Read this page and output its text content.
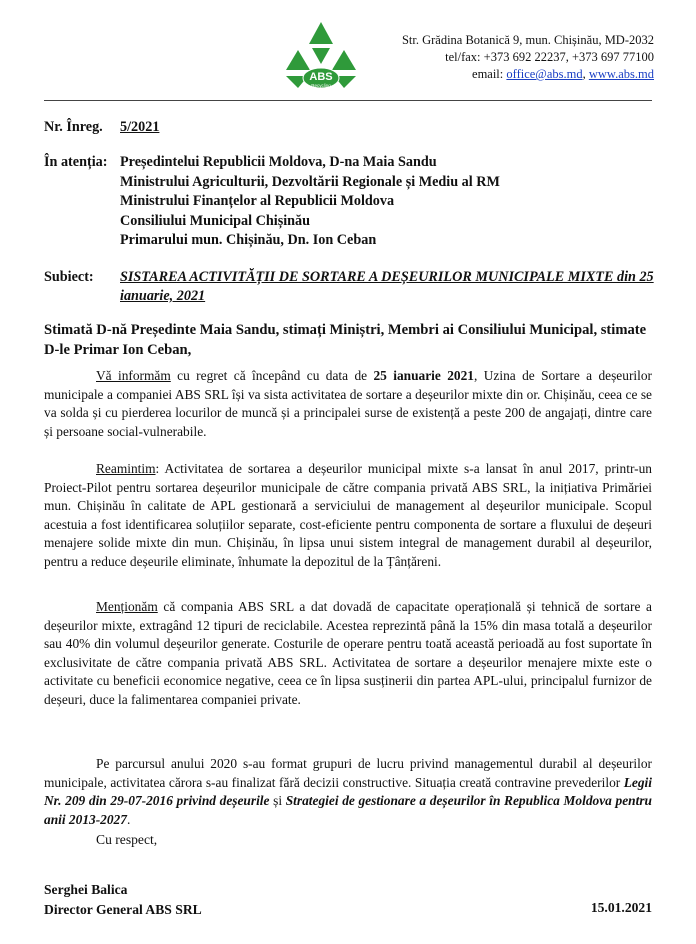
ABS
Recycling
Str. Grădina Botanică 9, mun. Chișinău, MD-2032
tel/fax: +373 692 22237, +373 697 77100
email: office@abs.md, www.abs.md
Nr. Înreg. 5/2021
În atenția: Președintelui Republicii Moldova, D-na Maia Sandu
Ministrului Agriculturii, Dezvoltării Regionale și Mediu al RM
Ministrului Finanțelor al Republicii Moldova
Consiliului Municipal Chișinău
Primarului mun. Chișinău, Dn. Ion Ceban
Subiect: SISTAREA ACTIVITĂȚII DE SORTARE A DEȘEURILOR MUNICIPALE MIXTE din 25 ianuarie, 2021
Stimată D-nă Președinte Maia Sandu, stimați Miniștri, Membri ai Consiliului Municipal, stimate D-le Primar Ion Ceban,
Vă informăm cu regret că începând cu data de 25 ianuarie 2021, Uzina de Sortare a deșeurilor municipale a companiei ABS SRL își va sista activitatea de sortare a deșeurilor mixte din or. Chișinău, ceea ce se va solda și cu pierderea locurilor de muncă și a principalei surse de existență a peste 200 de angajați, dintre care și persoane social-vulnerabile.
Reamintim: Activitatea de sortarea a deșeurilor municipal mixte s-a lansat în anul 2017, printr-un Proiect-Pilot pentru sortarea deșeurilor municipale de către compania privată ABS SRL, la inițiativa Primăriei mun. Chișinău în calitate de APL gestionară a serviciului de management al deșeurilor municipale. Scopul acestuia a fost identificarea soluțiilor separate, cost-eficiente pentru componenta de sortare a fluxului de deșeuri menajere solide mixte din mun. Chișinău, în lipsa unui sistem integral de management durabil al deșeurilor, pentru a reduce deșeurile eliminate, înhumate la depozitul de la Țânțăreni.
Menționăm că compania ABS SRL a dat dovadă de capacitate operațională și tehnică de sortare a deșeurilor mixte, extragând 12 tipuri de reciclabile. Acestea reprezintă până la 15% din masa totală a deșeurilor sau 40% din volumul deșeurilor generate. Costurile de operare pentru toată această perioadă au fost suportate în exclusivitate de către compania privată ABS SRL. Activitatea de sortare a deșeurilor menajere mixte este o activitate cu beneficii economice negative, ceea ce în lipsa susținerii din partea APL-ului, principalul furnizor de deșeuri, duce la falimentarea companiei private.
Pe parcursul anului 2020 s-au format grupuri de lucru privind managementul durabil al deșeurilor municipale, activitatea cărora s-au finalizat fără decizii constructive. Situația creată contravine prevederilor Legii Nr. 209 din 29-07-2016 privind deșeurile și Strategiei de gestionare a deșeurilor în Republica Moldova pentru anii 2013-2027.
Cu respect,
Serghei Balica
Director General ABS SRL	15.01.2021
